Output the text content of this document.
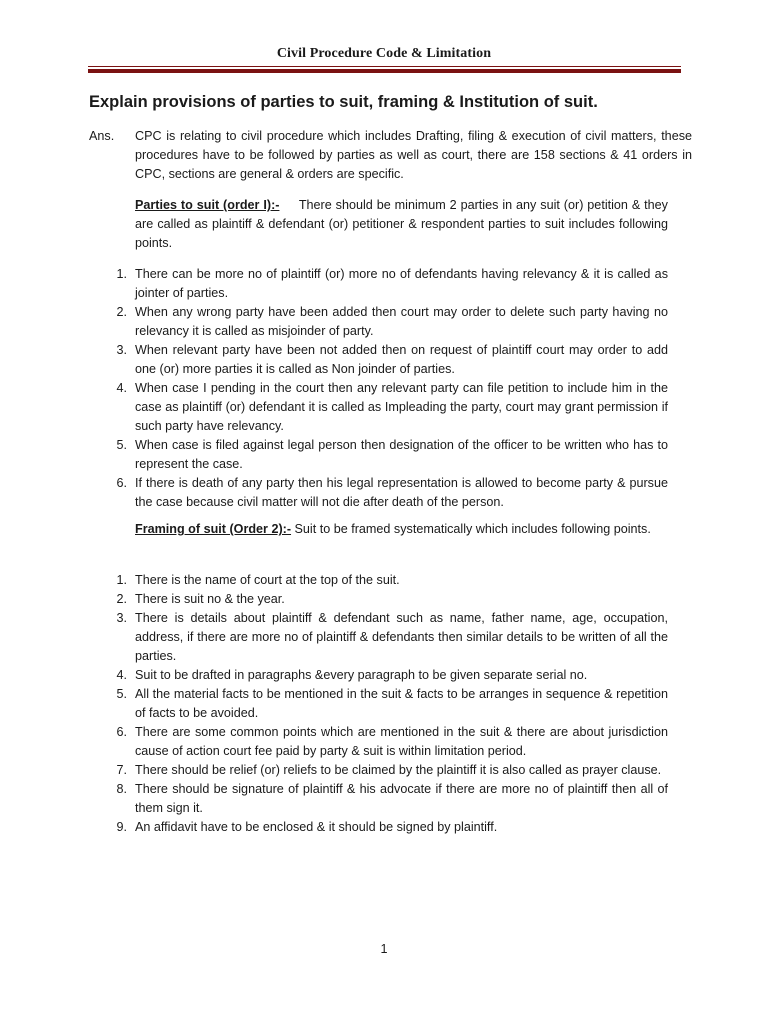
Civil Procedure Code & Limitation
Explain provisions of parties to suit, framing & Institution of suit.
Ans. CPC is relating to civil procedure which includes Drafting, filing & execution of civil matters, these procedures have to be followed by parties as well as court, there are 158 sections & 41 orders in CPC, sections are general & orders are specific.
Parties to suit (order I):- There should be minimum 2 parties in any suit (or) petition & they are called as plaintiff & defendant (or) petitioner & respondent parties to suit includes following points.
1. There can be more no of plaintiff (or) more no of defendants having relevancy & it is called as jointer of parties.
2. When any wrong party have been added then court may order to delete such party having no relevancy it is called as misjoinder of party.
3. When relevant party have been not added then on request of plaintiff court may order to add one (or) more parties it is called as Non joinder of parties.
4. When case I pending in the court then any relevant party can file petition to include him in the case as plaintiff (or) defendant it is called as Impleading the party, court may grant permission if such party have relevancy.
5. When case is filed against legal person then designation of the officer to be written who has to represent the case.
6. If there is death of any party then his legal representation is allowed to become party & pursue the case because civil matter will not die after death of the person.
Framing of suit (Order 2):- Suit to be framed systematically which includes following points.
1. There is the name of court at the top of the suit.
2. There is suit no & the year.
3. There is details about plaintiff & defendant such as name, father name, age, occupation, address, if there are more no of plaintiff & defendants then similar details to be written of all the parties.
4. Suit to be drafted in paragraphs &every paragraph to be given separate serial no.
5. All the material facts to be mentioned in the suit & facts to be arranges in sequence & repetition of facts to be avoided.
6. There are some common points which are mentioned in the suit & there are about jurisdiction cause of action court fee paid by party & suit is within limitation period.
7. There should be relief (or) reliefs to be claimed by the plaintiff it is also called as prayer clause.
8. There should be signature of plaintiff & his advocate if there are more no of plaintiff then all of them sign it.
9. An affidavit have to be enclosed & it should be signed by plaintiff.
1
